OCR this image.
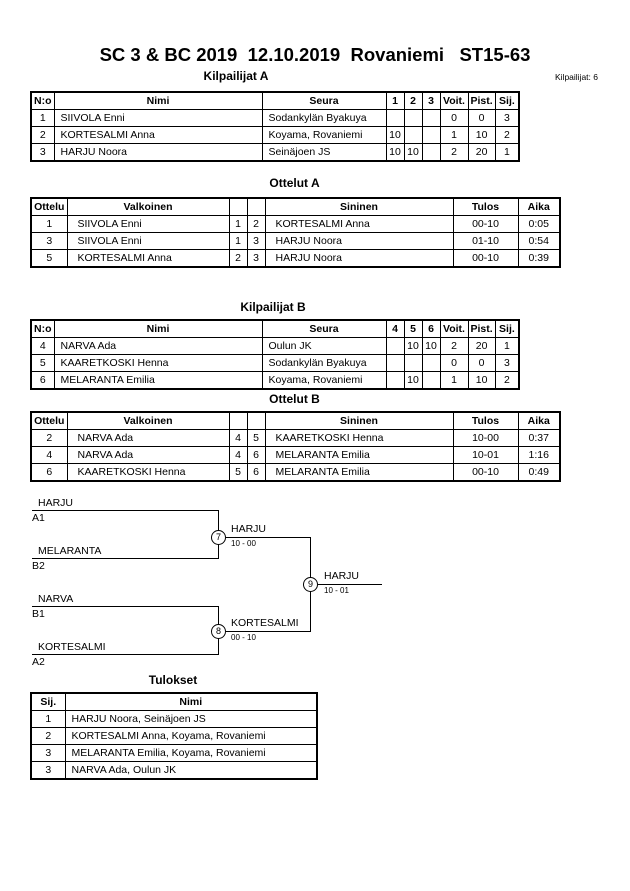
SC 3 & BC 2019  12.10.2019  Rovaniemi   ST15-63
Kilpailijat A	Kilpailijat: 6
N:o	Nimi	Seura	1	2	3	Voit.	Pist.	Sij.
1	SIIVOLA Enni	Sodankylän Byakuya				0	0	3
2	KORTESALMI Anna	Koyama, Rovaniemi	10			1	10	2
3	HARJU Noora	Seinäjoen JS	10	10		2	20	1
Ottelut A
Ottelu	Valkoinen			Sininen	Tulos	Aika
1	SIIVOLA Enni	1	2	KORTESALMI Anna	00-10	0:05
3	SIIVOLA Enni	1	3	HARJU Noora	01-10	0:54
5	KORTESALMI Anna	2	3	HARJU Noora	00-10	0:39
Kilpailijat B
N:o	Nimi	Seura	4	5	6	Voit.	Pist.	Sij.
4	NARVA Ada	Oulun JK		10	10	2	20	1
5	KAARETKOSKI Henna	Sodankylän Byakuya				0	0	3
6	MELARANTA Emilia	Koyama, Rovaniemi		10		1	10	2
Ottelut B
Ottelu	Valkoinen			Sininen	Tulos	Aika
2	NARVA Ada	4	5	KAARETKOSKI Henna	10-00	0:37
4	NARVA Ada	4	6	MELARANTA Emilia	10-01	1:16
6	KAARETKOSKI Henna	5	6	MELARANTA Emilia	00-10	0:49
HARJU
A1
MELARANTA
B2
NARVA
B1
KORTESALMI
A2
7
HARJU
10 - 00
8
KORTESALMI
00 - 10
9
HARJU
10 - 01
Tulokset
Sij.	Nimi
1	HARJU Noora, Seinäjoen JS
2	KORTESALMI Anna, Koyama, Rovaniemi
3	MELARANTA Emilia, Koyama, Rovaniemi
3	NARVA Ada, Oulun JK
